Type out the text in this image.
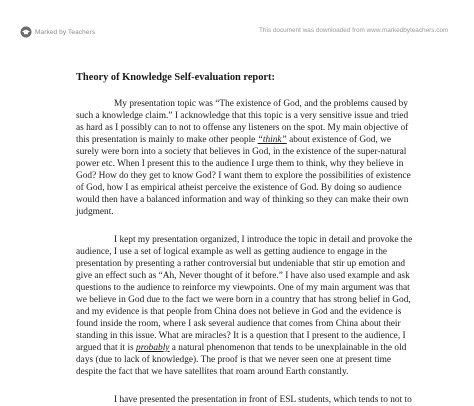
Marked by Teachers	This document was downloaded from www.markedbyteachers.com
Theory of Knowledge Self-evaluation report:
My presentation topic was “The existence of God, and the problems caused by
such a knowledge claim.” I acknowledge that this topic is a very sensitive issue and tried
as hard as I possibly can to not to offense any listeners on the spot. My main objective of
this presentation is mainly to make other people “think” about existence of God, we
surely were born into a society that believes in God, in the existence of the super-natural
power etc. When I present this to the audience I urge them to think, why they believe in
God? How do they get to know God? I want them to explore the possibilities of existence
of God, how I as empirical atheist perceive the existence of God. By doing so audience
would then have a balanced information and way of thinking so they can make their own
judgment.
I kept my presentation organized, I introduce the topic in detail and provoke the
audience, I use a set of logical example as well as getting audience to engage in the
presentation by presenting a rather controversial but undeniable that stir up emotion and
give an effect such as “Ah, Never thought of it before.” I have also used example and ask
questions to the audience to reinforce my viewpoints. One of my main argument was that
we believe in God due to the fact we were born in a country that has strong belief in God,
and my evidence is that people from China does not believe in God and the evidence is
found inside the room, where I ask several audience that comes from China about their
standing in this issue. What are miracles? It is a question that I present to the audience, I
argued that it is probably a natural phenomenon that tends to be unexplainable in the old
days (due to lack of knowledge). The proof is that we never seen one at present time
despite the fact that we have satellites that roam around Earth constantly.
I have presented the presentation in front of ESL students, which tends to not to
